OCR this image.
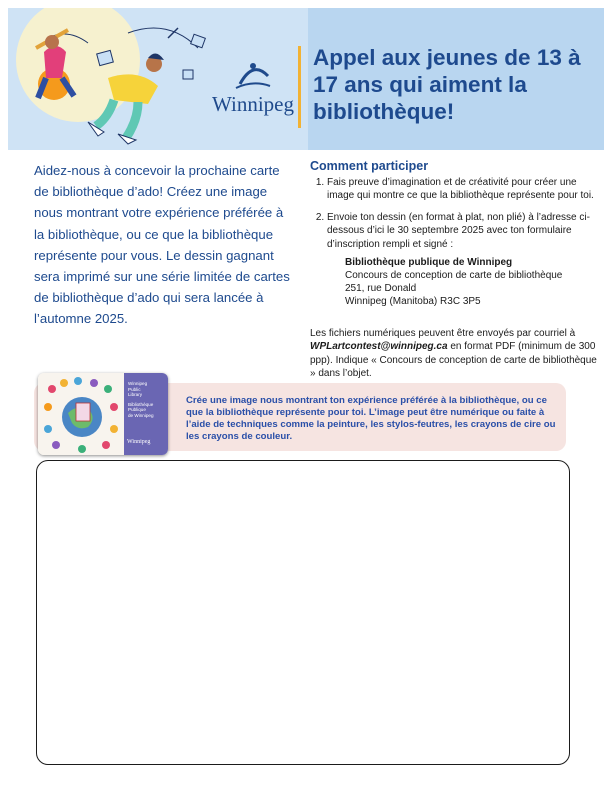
Winnipeg
Appel aux jeunes de 13 à 17 ans qui aiment la bibliothèque!

Aidez-nous à concevoir la prochaine carte de bibliothèque d’ado! Créez une image nous montrant votre expérience préférée à la bibliothèque, ou ce que la bibliothèque représente pour vous. Le dessin gagnant sera imprimé sur une série limitée de cartes de bibliothèque d’ado qui sera lancée à l’automne 2025.

Comment participer
1. Fais preuve d’imagination et de créativité pour créer une image qui montre ce que la bibliothèque représente pour toi.
2. Envoie ton dessin (en format à plat, non plié) à l’adresse ci-dessous d’ici le 30 septembre 2025 avec ton formulaire d’inscription rempli et signé :
Bibliothèque publique de Winnipeg
Concours de conception de carte de bibliothèque
251, rue Donald
Winnipeg (Manitoba) R3C 3P5

Les fichiers numériques peuvent être envoyés par courriel à WPLartcontest@winnipeg.ca en format PDF (minimum de 300 ppp). Indique « Concours de conception de carte de bibliothèque » dans l’objet.

Winnipeg
Public
Library
Bibliothèque
Publique
de Winnipeg
Winnipeg

Crée une image nous montrant ton expérience préférée à la bibliothèque, ou ce que la bibliothèque représente pour toi. L’image peut être numérique ou faite à l’aide de techniques comme la peinture, les stylos-feutres, les crayons de cire ou les crayons de couleur.
